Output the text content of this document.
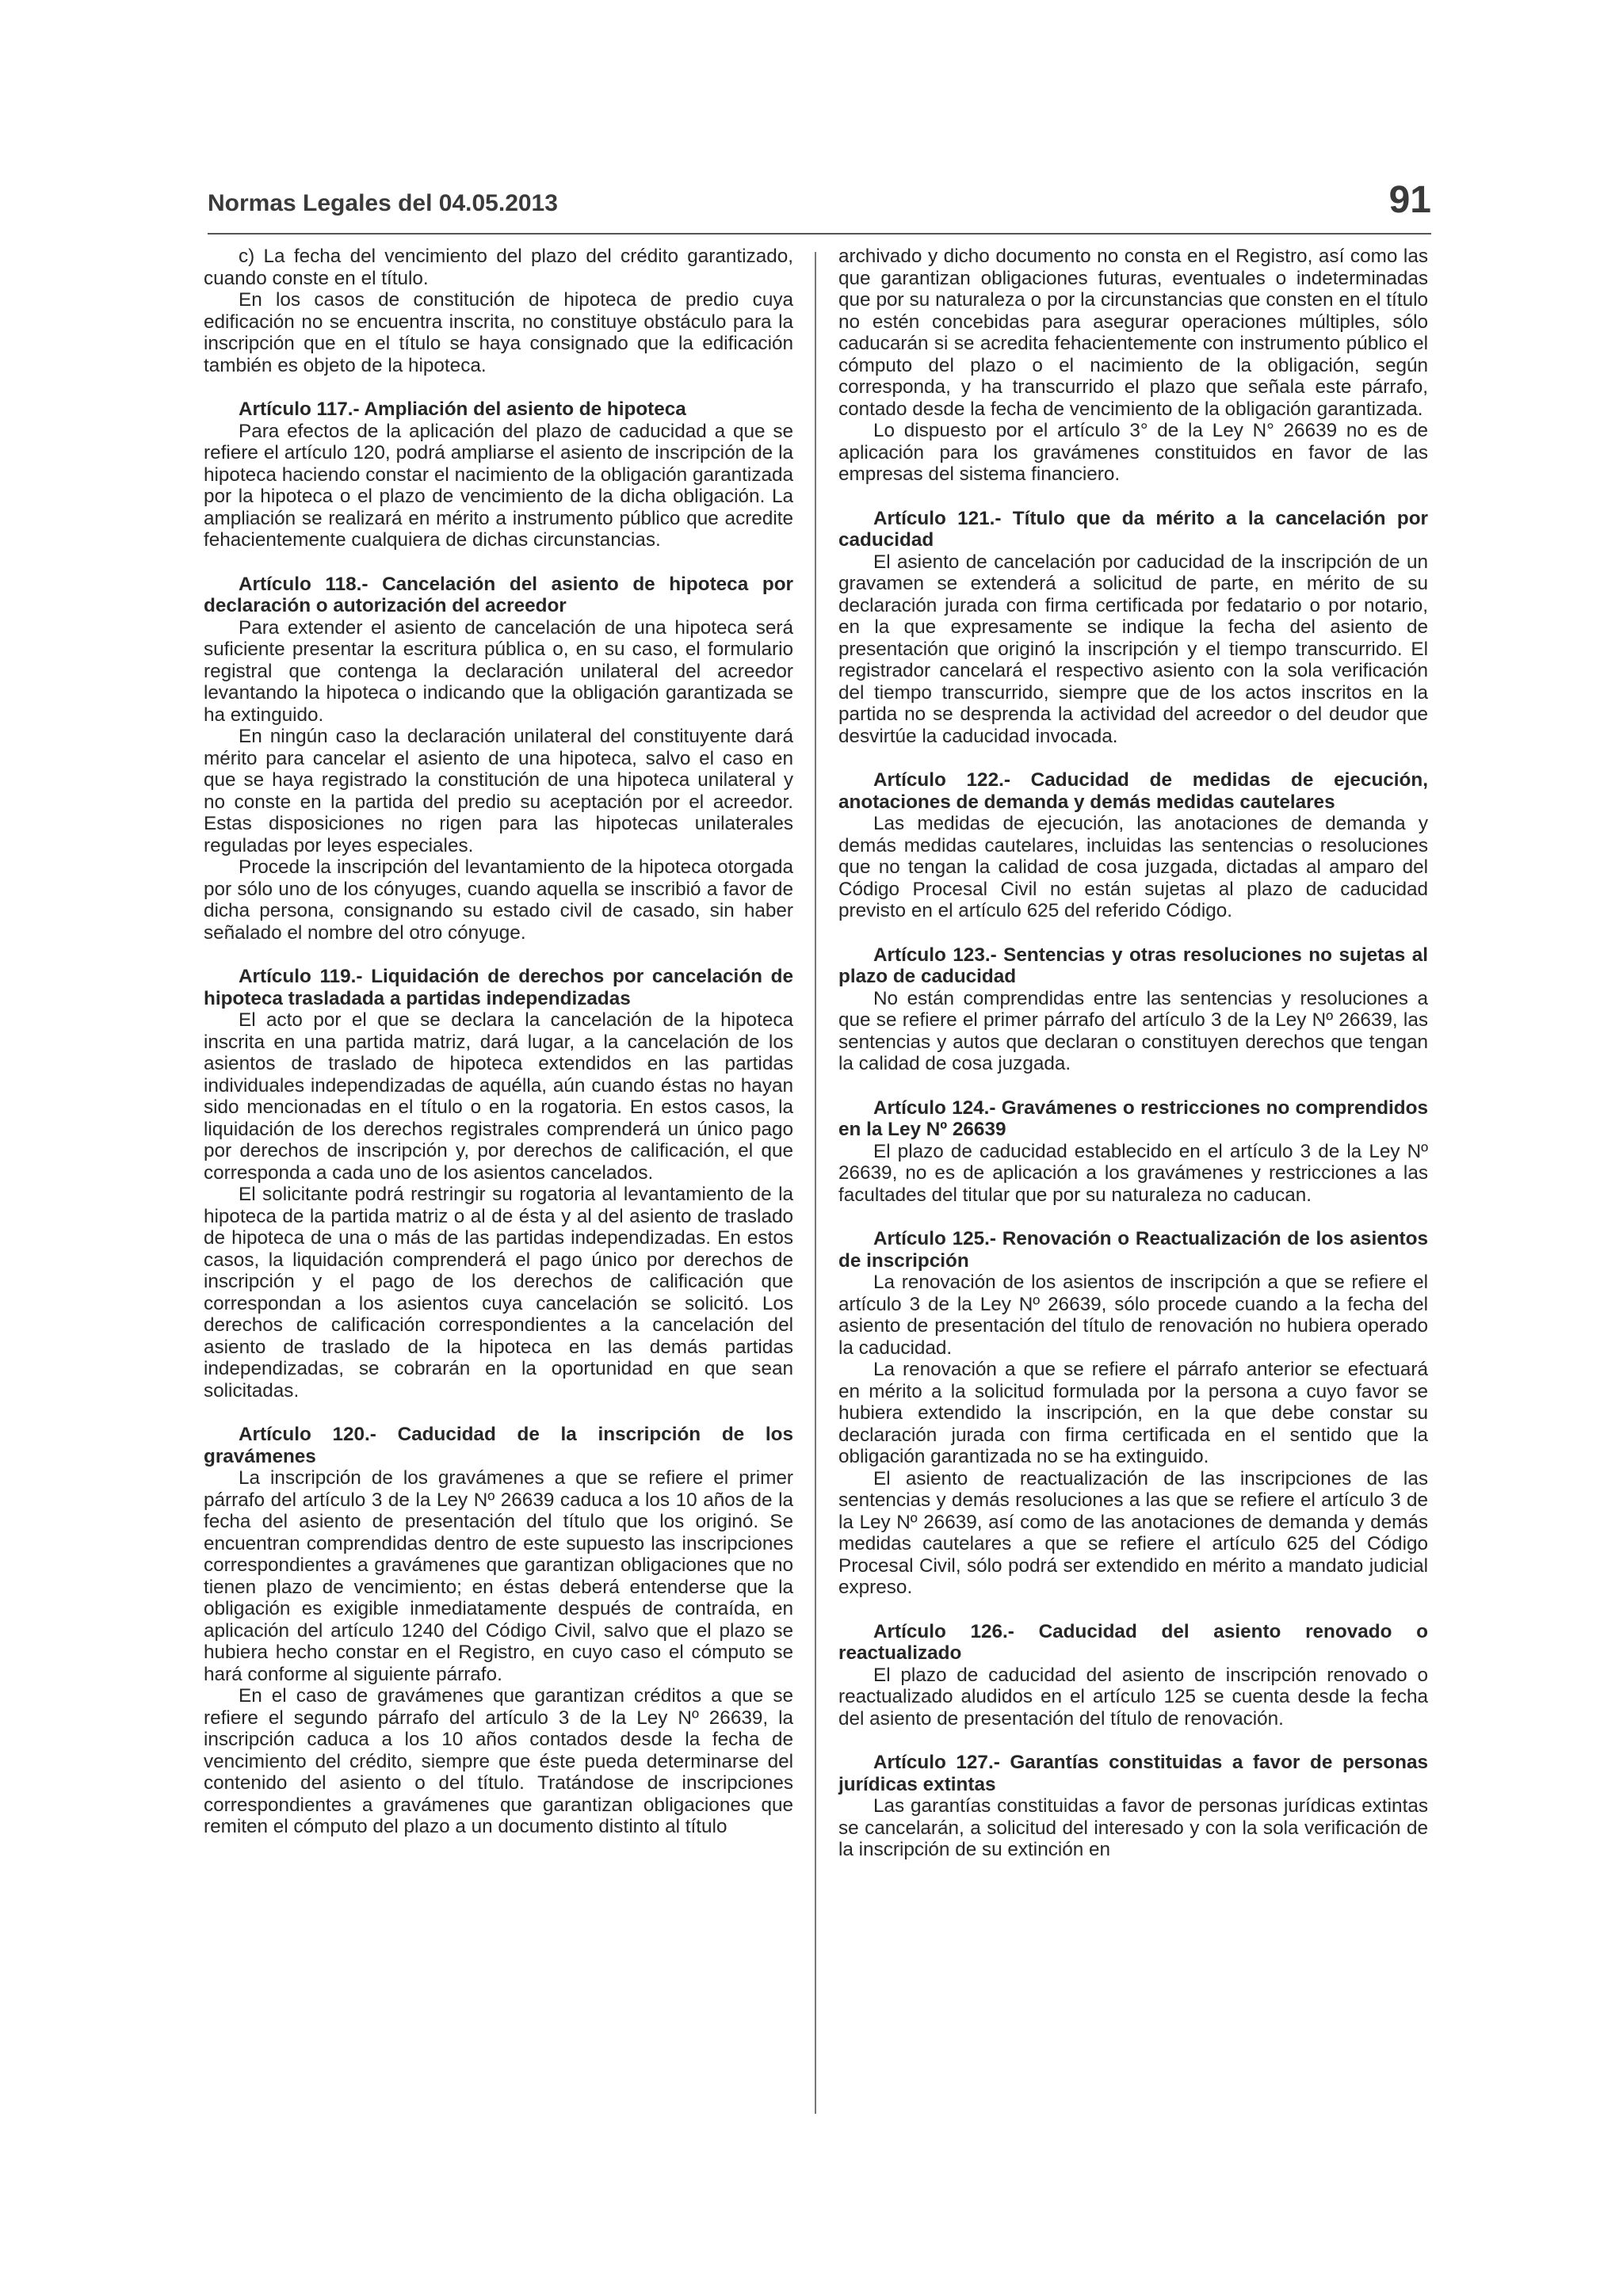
Normas Legales del 04.05.2013	91

c) La fecha del vencimiento del plazo del crédito garantizado, cuando conste en el título.

En los casos de constitución de hipoteca de predio cuya edificación no se encuentra inscrita, no constituye obstáculo para la inscripción que en el título se haya consignado que la edificación también es objeto de la hipoteca.

Artículo 117.- Ampliación del asiento de hipoteca

Para efectos de la aplicación del plazo de caducidad a que se refiere el artículo 120, podrá ampliarse el asiento de inscripción de la hipoteca haciendo constar el nacimiento de la obligación garantizada por la hipoteca o el plazo de vencimiento de la dicha obligación. La ampliación se realizará en mérito a instrumento público que acredite fehacientemente cualquiera de dichas circunstancias.

Artículo 118.- Cancelación del asiento de hipoteca por declaración o autorización del acreedor

Para extender el asiento de cancelación de una hipoteca será suficiente presentar la escritura pública o, en su caso, el formulario registral que contenga la declaración unilateral del acreedor levantando la hipoteca o indicando que la obligación garantizada se ha extinguido.

En ningún caso la declaración unilateral del constituyente dará mérito para cancelar el asiento de una hipoteca, salvo el caso en que se haya registrado la constitución de una hipoteca unilateral y no conste en la partida del predio su aceptación por el acreedor. Estas disposiciones no rigen para las hipotecas unilaterales reguladas por leyes especiales.

Procede la inscripción del levantamiento de la hipoteca otorgada por sólo uno de los cónyuges, cuando aquella se inscribió a favor de dicha persona, consignando su estado civil de casado, sin haber señalado el nombre del otro cónyuge.

Artículo 119.- Liquidación de derechos por cancelación de hipoteca trasladada a partidas independizadas

El acto por el que se declara la cancelación de la hipoteca inscrita en una partida matriz, dará lugar, a la cancelación de los asientos de traslado de hipoteca extendidos en las partidas individuales independizadas de aquélla, aún cuando éstas no hayan sido mencionadas en el título o en la rogatoria. En estos casos, la liquidación de los derechos registrales comprenderá un único pago por derechos de inscripción y, por derechos de calificación, el que corresponda a cada uno de los asientos cancelados.

El solicitante podrá restringir su rogatoria al levantamiento de la hipoteca de la partida matriz o al de ésta y al del asiento de traslado de hipoteca de una o más de las partidas independizadas. En estos casos, la liquidación comprenderá el pago único por derechos de inscripción y el pago de los derechos de calificación que correspondan a los asientos cuya cancelación se solicitó. Los derechos de calificación correspondientes a la cancelación del asiento de traslado de la hipoteca en las demás partidas independizadas, se cobrarán en la oportunidad en que sean solicitadas.

Artículo 120.- Caducidad de la inscripción de los gravámenes

La inscripción de los gravámenes a que se refiere el primer párrafo del artículo 3 de la Ley Nº 26639 caduca a los 10 años de la fecha del asiento de presentación del título que los originó. Se encuentran comprendidas dentro de este supuesto las inscripciones correspondientes a gravámenes que garantizan obligaciones que no tienen plazo de vencimiento; en éstas deberá entenderse que la obligación es exigible inmediatamente después de contraída, en aplicación del artículo 1240 del Código Civil, salvo que el plazo se hubiera hecho constar en el Registro, en cuyo caso el cómputo se hará conforme al siguiente párrafo.

En el caso de gravámenes que garantizan créditos a que se refiere el segundo párrafo del artículo 3 de la Ley Nº 26639, la inscripción caduca a los 10 años contados desde la fecha de vencimiento del crédito, siempre que éste pueda determinarse del contenido del asiento o del título. Tratándose de inscripciones correspondientes a gravámenes que garantizan obligaciones que remiten el cómputo del plazo a un documento distinto al título

archivado y dicho documento no consta en el Registro, así como las que garantizan obligaciones futuras, eventuales o indeterminadas que por su naturaleza o por la circunstancias que consten en el título no estén concebidas para asegurar operaciones múltiples, sólo caducarán si se acredita fehacientemente con instrumento público el cómputo del plazo o el nacimiento de la obligación, según corresponda, y ha transcurrido el plazo que señala este párrafo, contado desde la fecha de vencimiento de la obligación garantizada.

Lo dispuesto por el artículo 3° de la Ley N° 26639 no es de aplicación para los gravámenes constituidos en favor de las empresas del sistema financiero.

Artículo 121.- Título que da mérito a la cancelación por caducidad

El asiento de cancelación por caducidad de la inscripción de un gravamen se extenderá a solicitud de parte, en mérito de su declaración jurada con firma certificada por fedatario o por notario, en la que expresamente se indique la fecha del asiento de presentación que originó la inscripción y el tiempo transcurrido. El registrador cancelará el respectivo asiento con la sola verificación del tiempo transcurrido, siempre que de los actos inscritos en la partida no se desprenda la actividad del acreedor o del deudor que desvirtúe la caducidad invocada.

Artículo 122.- Caducidad de medidas de ejecución, anotaciones de demanda y demás medidas cautelares

Las medidas de ejecución, las anotaciones de demanda y demás medidas cautelares, incluidas las sentencias o resoluciones que no tengan la calidad de cosa juzgada, dictadas al amparo del Código Procesal Civil no están sujetas al plazo de caducidad previsto en el artículo 625 del referido Código.

Artículo 123.- Sentencias y otras resoluciones no sujetas al plazo de caducidad

No están comprendidas entre las sentencias y resoluciones a que se refiere el primer párrafo del artículo 3 de la Ley Nº 26639, las sentencias y autos que declaran o constituyen derechos que tengan la calidad de cosa juzgada.

Artículo 124.- Gravámenes o restricciones no comprendidos en la Ley Nº 26639

El plazo de caducidad establecido en el artículo 3 de la Ley Nº 26639, no es de aplicación a los gravámenes y restricciones a las facultades del titular que por su naturaleza no caducan.

Artículo 125.- Renovación o Reactualización de los asientos de inscripción

La renovación de los asientos de inscripción a que se refiere el artículo 3 de la Ley Nº 26639, sólo procede cuando a la fecha del asiento de presentación del título de renovación no hubiera operado la caducidad.

La renovación a que se refiere el párrafo anterior se efectuará en mérito a la solicitud formulada por la persona a cuyo favor se hubiera extendido la inscripción, en la que debe constar su declaración jurada con firma certificada en el sentido que la obligación garantizada no se ha extinguido.

El asiento de reactualización de las inscripciones de las sentencias y demás resoluciones a las que se refiere el artículo 3 de la Ley Nº 26639, así como de las anotaciones de demanda y demás medidas cautelares a que se refiere el artículo 625 del Código Procesal Civil, sólo podrá ser extendido en mérito a mandato judicial expreso.

Artículo 126.- Caducidad del asiento renovado o reactualizado

El plazo de caducidad del asiento de inscripción renovado o reactualizado aludidos en el artículo 125 se cuenta desde la fecha del asiento de presentación del título de renovación.

Artículo 127.- Garantías constituidas a favor de personas jurídicas extintas

Las garantías constituidas a favor de personas jurídicas extintas se cancelarán, a solicitud del interesado y con la sola verificación de la inscripción de su extinción en
